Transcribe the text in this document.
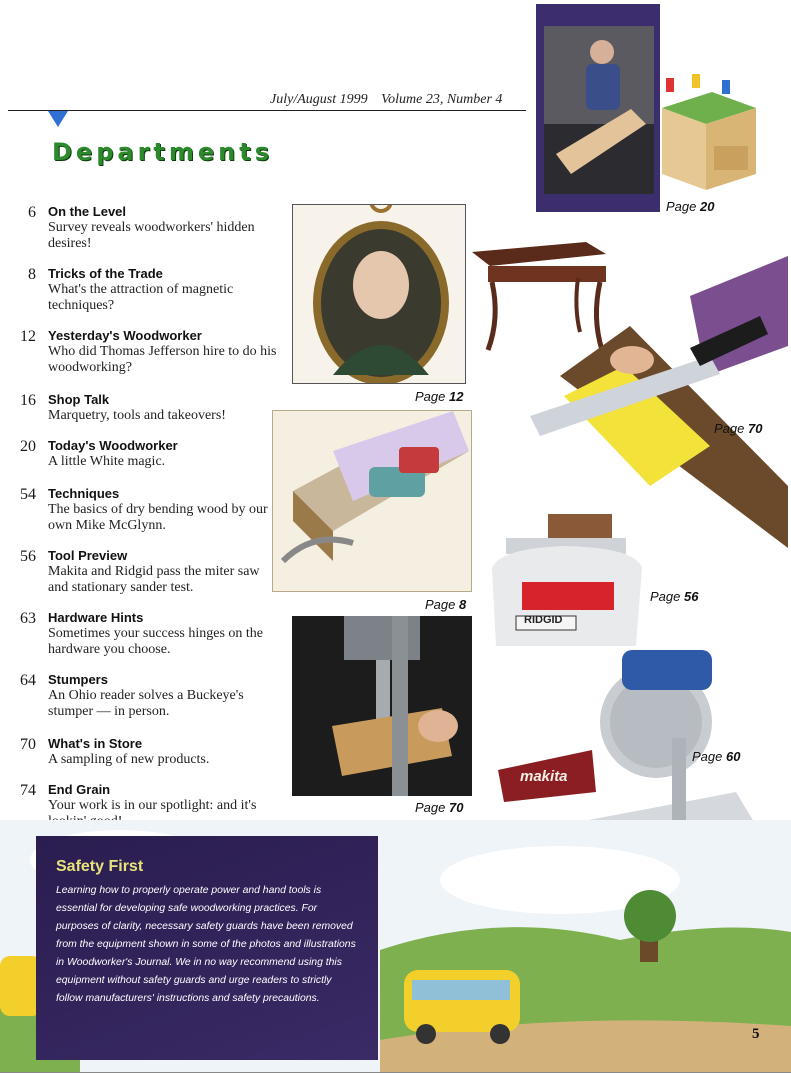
July/August 1999 Volume 23, Number 4
Departments
6 On the Level
Survey reveals woodworkers' hidden desires!
8 Tricks of the Trade
What's the attraction of magnetic techniques?
12 Yesterday's Woodworker
Who did Thomas Jefferson hire to do his woodworking?
16 Shop Talk
Marquetry, tools and takeovers!
20 Today's Woodworker
A little White magic.
54 Techniques
The basics of dry bending wood by our own Mike McGlynn.
56 Tool Preview
Makita and Ridgid pass the miter saw and stationary sander test.
63 Hardware Hints
Sometimes your success hinges on the hardware you choose.
64 Stumpers
An Ohio reader solves a Buckeye's stumper — in person.
70 What's in Store
A sampling of new products.
74 End Grain
Your work is in our spotlight: and it's
Page 20
Page 12
Page 70
Page 8
RIDGID
Page 56
Page 70
makita
Page 60
Safety First

Learning how to properly operate power and hand tools is essential for developing safe woodworking practices. For purposes of clarity, necessary safety guards have been removed from the equipment shown in some of the photos and illustrations in Woodworker's Journal. We in no way recommend using this equipment without safety guards and urge readers to strictly follow manufacturers' instructions and safety precautions.

5
